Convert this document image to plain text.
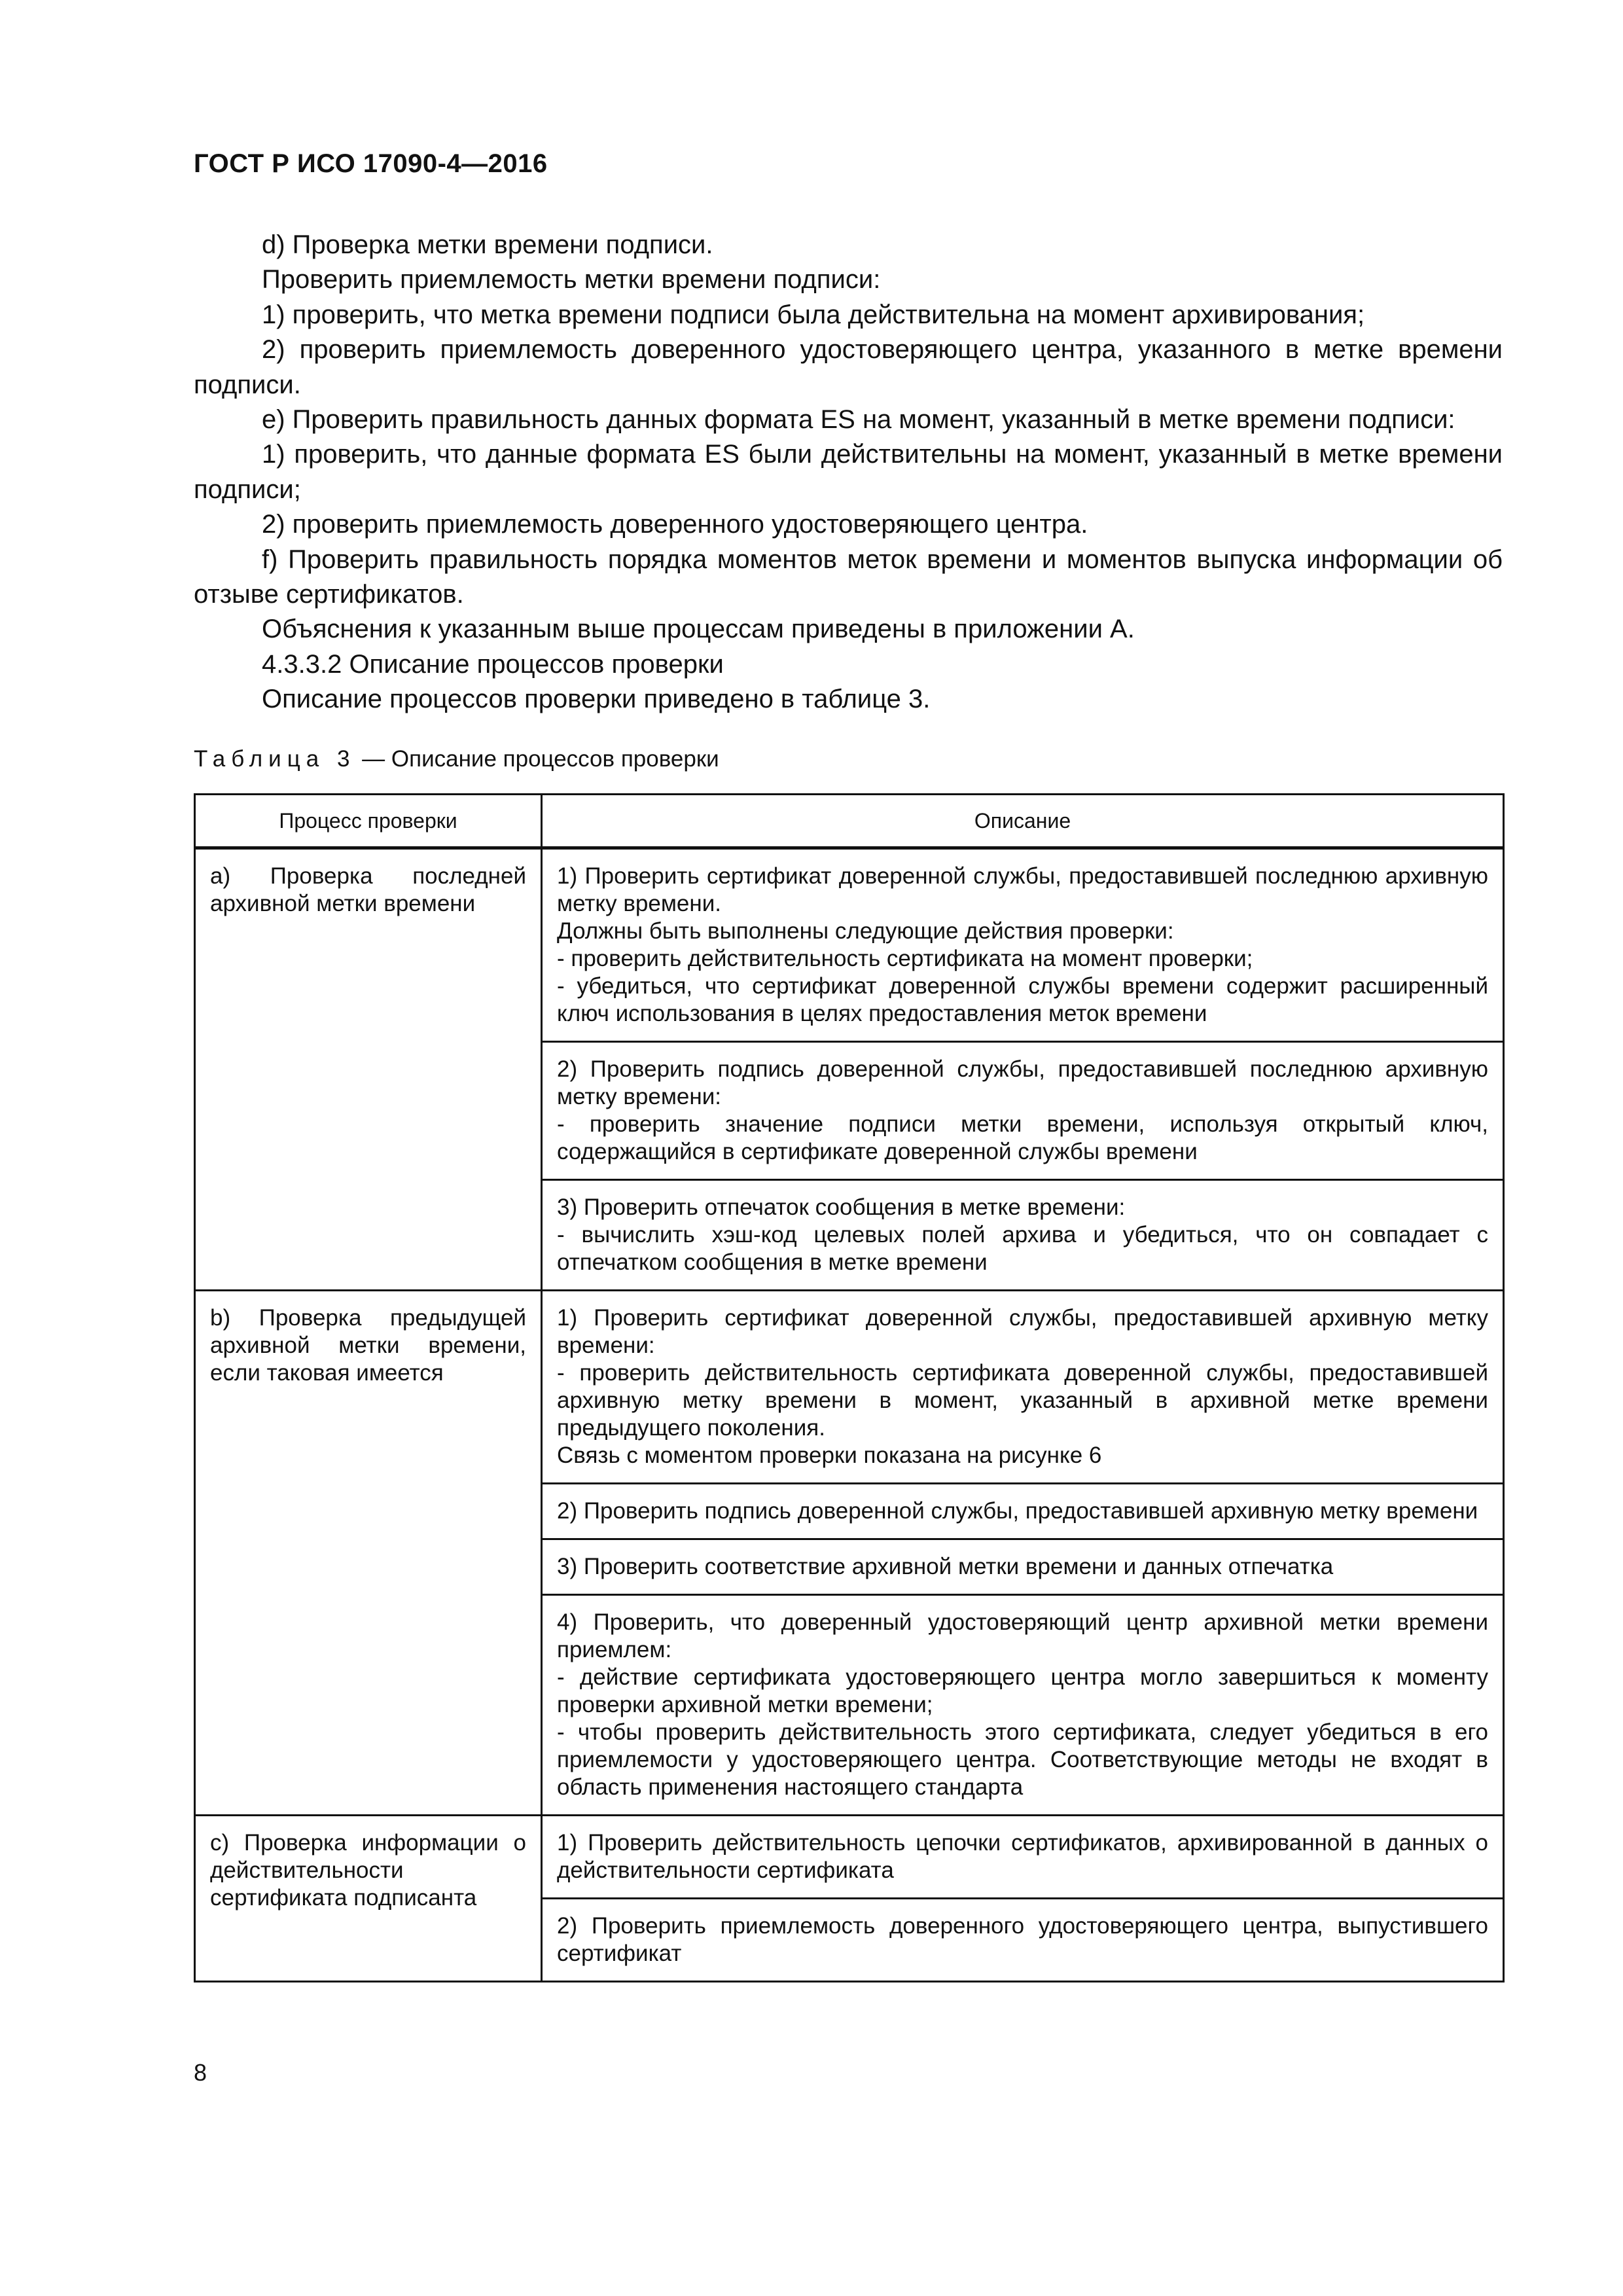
ГОСТ Р ИСО 17090-4—2016

d) Проверка метки времени подписи.

Проверить приемлемость метки времени подписи:

1) проверить, что метка времени подписи была действительна на момент архивирования;

2) проверить приемлемость доверенного удостоверяющего центра, указанного в метке времени подписи.

е) Проверить правильность данных формата ES на момент, указанный в метке времени подписи:

1) проверить, что данные формата ES были действительны на момент, указанный в метке времени подписи;

2) проверить приемлемость доверенного удостоверяющего центра.

f) Проверить правильность порядка моментов меток времени и моментов выпуска информации об отзыве сертификатов.

Объяснения к указанным выше процессам приведены в приложении А.

4.3.3.2 Описание процессов проверки

Описание процессов проверки приведено в таблице 3.

Таблица 3 — Описание процессов проверки
Процесс проверки	Описание
а) Проверка последней архивной метки времени	1) Проверить сертификат доверенной службы, предоставившей последнюю архивную метку времени.
Должны быть выполнены следующие действия проверки:
- проверить действительность сертификата на момент проверки;
- убедиться, что сертификат доверенной службы времени содержит расширенный ключ использования в целях предоставления меток времени

	2) Проверить подпись доверенной службы, предоставившей последнюю архивную метку времени:
- проверить значение подписи метки времени, используя открытый ключ, содержащийся в сертификате доверенной службы времени

	3) Проверить отпечаток сообщения в метке времени:
- вычислить хэш-код целевых полей архива и убедиться, что он совпадает с отпечатком сообщения в метке времени

b) Проверка предыдущей архивной метки времени, если таковая имеется	1) Проверить сертификат доверенной службы, предоставившей архивную метку времени:
- проверить действительность сертификата доверенной службы, предоставившей архивную метку времени в момент, указанный в архивной метке времени предыдущего поколения.
Связь с моментом проверки показана на рисунке 6

	2) Проверить подпись доверенной службы, предоставившей архивную метку времени

	3) Проверить соответствие архивной метки времени и данных отпечатка

	4) Проверить, что доверенный удостоверяющий центр архивной метки времени приемлем:
- действие сертификата удостоверяющего центра могло завершиться к моменту проверки архивной метки времени;
- чтобы проверить действительность этого сертификата, следует убедиться в его приемлемости у удостоверяющего центра. Соответствующие методы не входят в область применения настоящего стандарта

с) Проверка информации о действительности сертификата подписанта	1) Проверить действительность цепочки сертификатов, архивированной в данных о действительности сертификата

	2) Проверить приемлемость доверенного удостоверяющего центра, выпустившего сертификат
8
